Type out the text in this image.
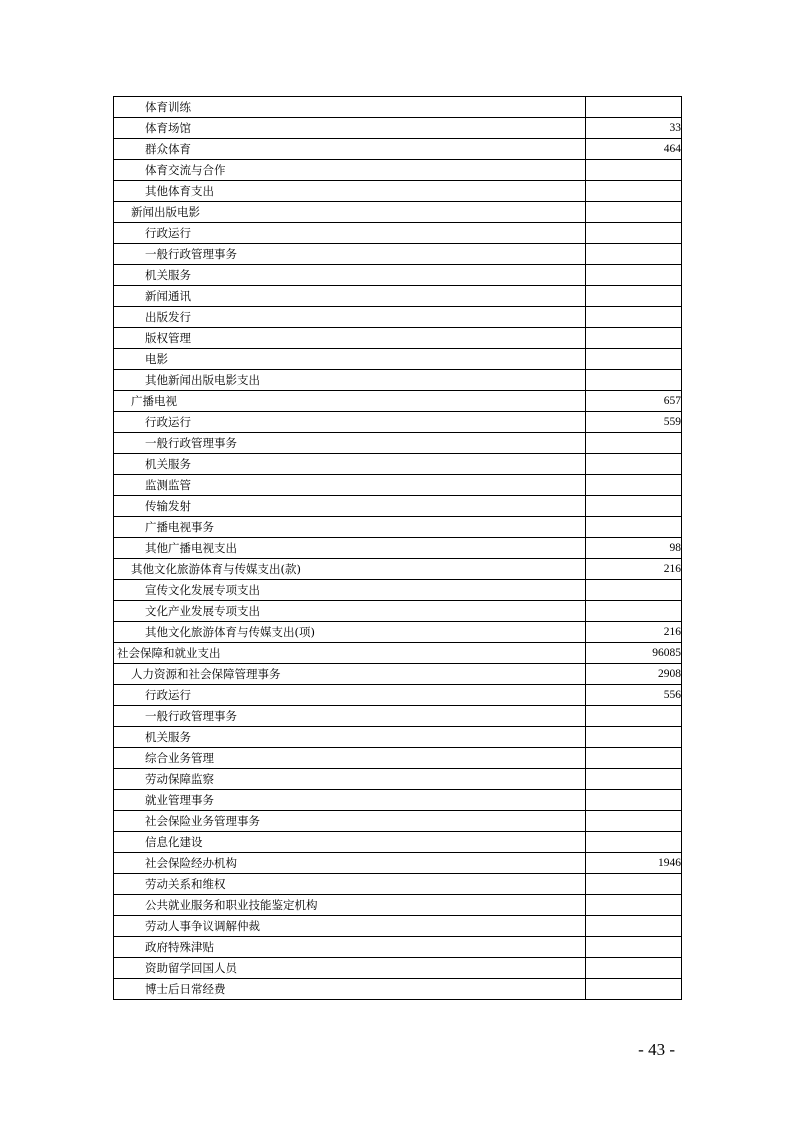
体育训练	
体育场馆	33
群众体育	464
体育交流与合作	
其他体育支出	
新闻出版电影	
行政运行	
一般行政管理事务	
机关服务	
新闻通讯	
出版发行	
版权管理	
电影	
其他新闻出版电影支出	
广播电视	657
行政运行	559
一般行政管理事务	
机关服务	
监测监管	
传输发射	
广播电视事务	
其他广播电视支出	98
其他文化旅游体育与传媒支出(款)	216
宣传文化发展专项支出	
文化产业发展专项支出	
其他文化旅游体育与传媒支出(项)	216
社会保障和就业支出	96085
人力资源和社会保障管理事务	2908
行政运行	556
一般行政管理事务	
机关服务	
综合业务管理	
劳动保障监察	
就业管理事务	
社会保险业务管理事务	
信息化建设	
社会保险经办机构	1946
劳动关系和维权	
公共就业服务和职业技能鉴定机构	
劳动人事争议调解仲裁	
政府特殊津贴	
资助留学回国人员	
博士后日常经费	
- 43 -
